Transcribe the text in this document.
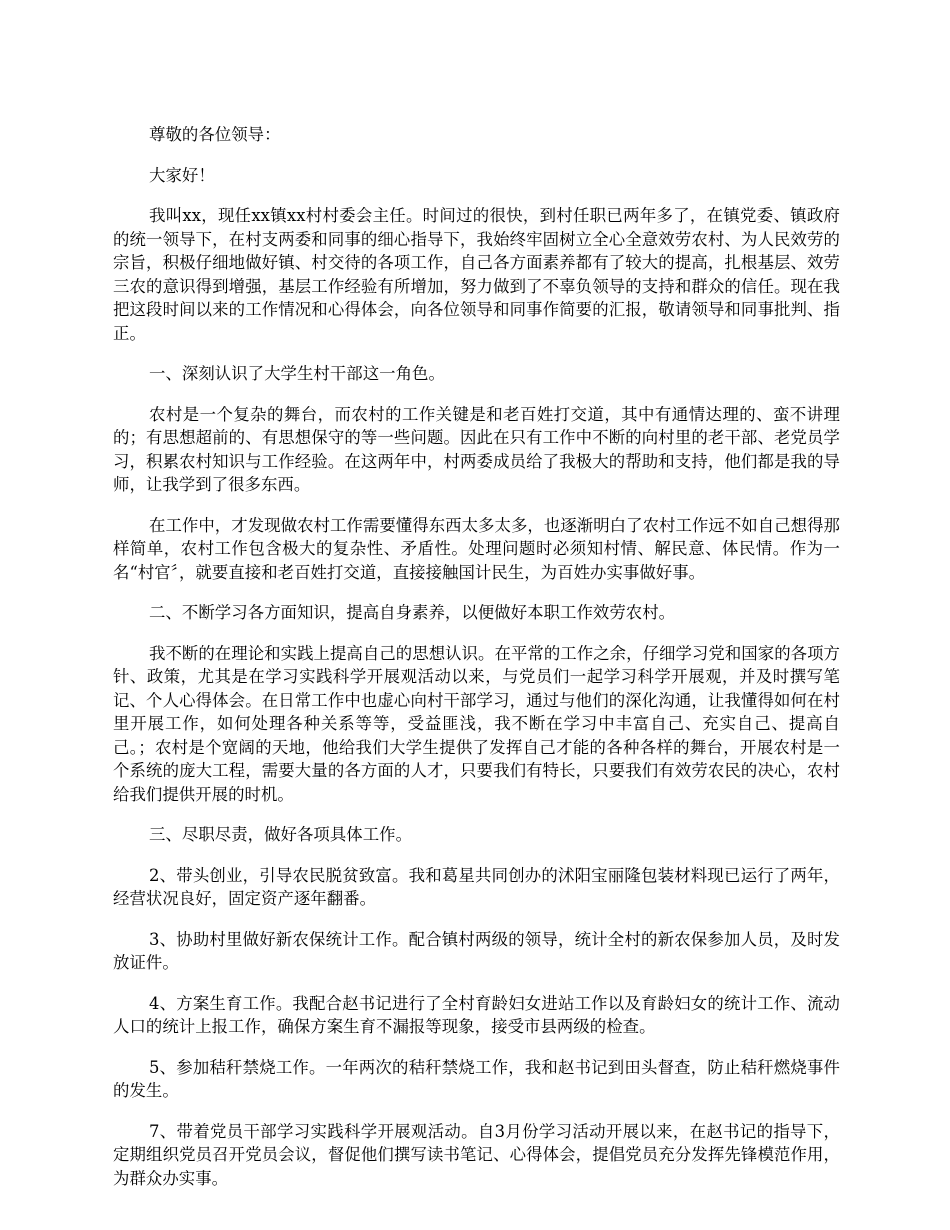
尊敬的各位领导：

大家好！

我叫xx，现任xx镇xx村村委会主任。时间过的很快，到村任职已两年多了，在镇党委、镇政府的统一领导下，在村支两委和同事的细心指导下，我始终牢固树立全心全意效劳农村、为人民效劳的宗旨，积极仔细地做好镇、村交待的各项工作，自己各方面素养都有了较大的提高，扎根基层、效劳三农的意识得到增强，基层工作经验有所增加，努力做到了不辜负领导的支持和群众的信任。现在我把这段时间以来的工作情况和心得体会，向各位领导和同事作简要的汇报，敬请领导和同事批判、指正。

一、深刻认识了大学生村干部这一角色。

农村是一个复杂的舞台，而农村的工作关键是和老百姓打交道，其中有通情达理的、蛮不讲理的；有思想超前的、有思想保守的等一些问题。因此在只有工作中不断的向村里的老干部、老党员学习，积累农村知识与工作经验。在这两年中，村两委成员给了我极大的帮助和支持，他们都是我的导师，让我学到了很多东西。

在工作中，才发现做农村工作需要懂得东西太多太多，也逐渐明白了农村工作远不如自己想得那样简单，农村工作包含极大的复杂性、矛盾性。处理问题时必须知村情、解民意、体民情。作为一名“村官〞，就要直接和老百姓打交道，直接接触国计民生，为百姓办实事做好事。

二、不断学习各方面知识，提高自身素养，以便做好本职工作效劳农村。

我不断的在理论和实践上提高自己的思想认识。在平常的工作之余，仔细学习党和国家的各项方针、政策，尤其是在学习实践科学开展观活动以来，与党员们一起学习科学开展观，并及时撰写笔记、个人心得体会。在日常工作中也虚心向村干部学习，通过与他们的深化沟通，让我懂得如何在村里开展工作，如何处理各种关系等等，受益匪浅，我不断在学习中丰富自己、充实自己、提高自己。；农村是个宽阔的天地，他给我们大学生提供了发挥自己才能的各种各样的舞台，开展农村是一个系统的庞大工程，需要大量的各方面的人才，只要我们有特长，只要我们有效劳农民的决心，农村给我们提供开展的时机。

三、尽职尽责，做好各项具体工作。

2、带头创业，引导农民脱贫致富。我和葛星共同创办的沭阳宝丽隆包装材料现已运行了两年，经营状况良好，固定资产逐年翻番。

3、协助村里做好新农保统计工作。配合镇村两级的领导，统计全村的新农保参加人员，及时发放证件。

4、方案生育工作。我配合赵书记进行了全村育龄妇女进站工作以及育龄妇女的统计工作、流动人口的统计上报工作，确保方案生育不漏报等现象，接受市县两级的检查。

5、参加秸秆禁烧工作。一年两次的秸秆禁烧工作，我和赵书记到田头督查，防止秸秆燃烧事件的发生。

7、带着党员干部学习实践科学开展观活动。自3月份学习活动开展以来，在赵书记的指导下，定期组织党员召开党员会议，督促他们撰写读书笔记、心得体会，提倡党员充分发挥先锋模范作用，为群众办实事。
